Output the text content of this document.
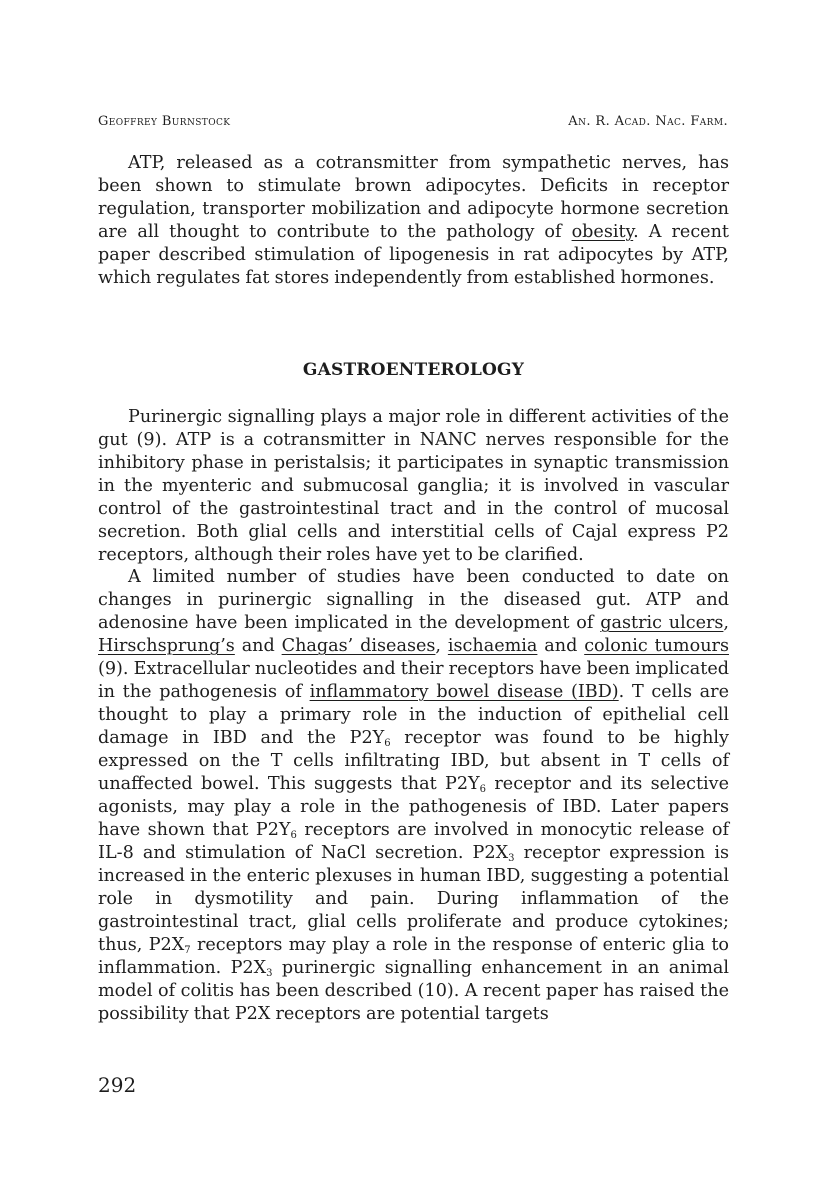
Geoffrey Burnstock	An. R. Acad. Nac. Farm.

ATP, released as a cotransmitter from sympathetic nerves, has been shown to stimulate brown adipocytes. Deficits in receptor regulation, transporter mobilization and adipocyte hormone secretion are all thought to contribute to the pathology of obesity. A recent paper described stimulation of lipogenesis in rat adipocytes by ATP, which regulates fat stores independently from established hormones.

GASTROENTEROLOGY

Purinergic signalling plays a major role in different activities of the gut (9). ATP is a cotransmitter in NANC nerves responsible for the inhibitory phase in peristalsis; it participates in synaptic transmission in the myenteric and submucosal ganglia; it is involved in vascular control of the gastrointestinal tract and in the control of mucosal secretion. Both glial cells and interstitial cells of Cajal express P2 receptors, although their roles have yet to be clarified.

A limited number of studies have been conducted to date on changes in purinergic signalling in the diseased gut. ATP and adenosine have been implicated in the development of gastric ulcers, Hirschsprung’s and Chagas’ diseases, ischaemia and colonic tumours (9). Extracellular nucleotides and their receptors have been implicated in the pathogenesis of inflammatory bowel disease (IBD). T cells are thought to play a primary role in the induction of epithelial cell damage in IBD and the $P2Y_6$ receptor was found to be highly expressed on the T cells infiltrating IBD, but absent in T cells of unaffected bowel. This suggests that $P2Y_6$ receptor and its selective agonists, may play a role in the pathogenesis of IBD. Later papers have shown that $P2Y_6$ receptors are involved in monocytic release of IL-8 and stimulation of NaCl secretion. $P2X_3$ receptor expression is increased in the enteric plexuses in human IBD, suggesting a potential role in dysmotility and pain. During inflammation of the gastrointestinal tract, glial cells proliferate and produce cytokines; thus, $P2X_7$ receptors may play a role in the response of enteric glia to inflammation. $P2X_3$ purinergic signalling enhancement in an animal model of colitis has been described (10). A recent paper has raised the possibility that P2X receptors are potential targets

292
